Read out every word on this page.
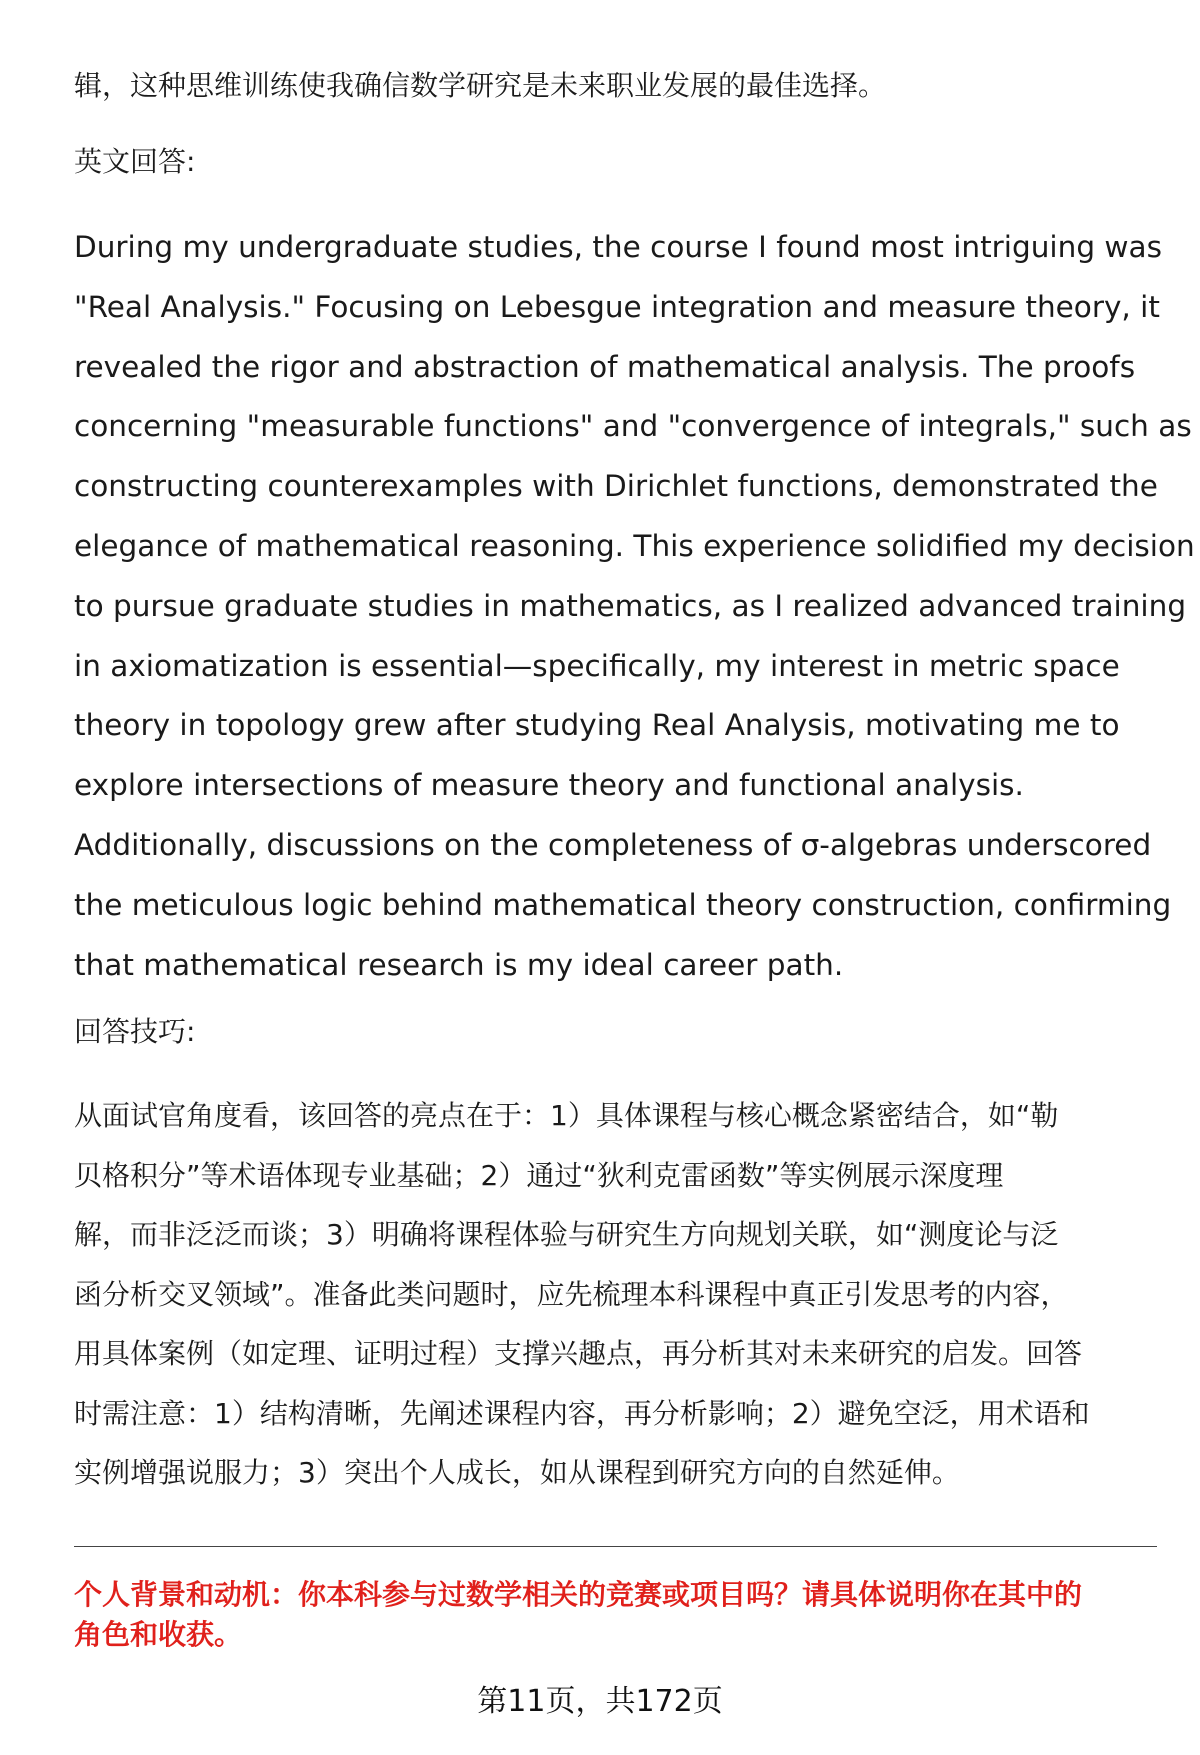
辑，这种思维训练使我确信数学研究是未来职业发展的最佳选择。
英文回答:
During my undergraduate studies, the course I found most intriguing was
"Real Analysis." Focusing on Lebesgue integration and measure theory, it
revealed the rigor and abstraction of mathematical analysis. The proofs
concerning "measurable functions" and "convergence of integrals," such as
constructing counterexamples with Dirichlet functions, demonstrated the
elegance of mathematical reasoning. This experience solidified my decision
to pursue graduate studies in mathematics, as I realized advanced training
in axiomatization is essential—specifically, my interest in metric space
theory in topology grew after studying Real Analysis, motivating me to
explore intersections of measure theory and functional analysis.
Additionally, discussions on the completeness of σ-algebras underscored
the meticulous logic behind mathematical theory construction, confirming
that mathematical research is my ideal career path.
回答技巧:
从面试官角度看，该回答的亮点在于：1）具体课程与核心概念紧密结合，如“勒
贝格积分”等术语体现专业基础；2）通过“狄利克雷函数”等实例展示深度理
解，而非泛泛而谈；3）明确将课程体验与研究生方向规划关联，如“测度论与泛
函分析交叉领域”。准备此类问题时，应先梳理本科课程中真正引发思考的内容，
用具体案例（如定理、证明过程）支撑兴趣点，再分析其对未来研究的启发。回答
时需注意：1）结构清晰，先阐述课程内容，再分析影响；2）避免空泛，用术语和
实例增强说服力；3）突出个人成长，如从课程到研究方向的自然延伸。
个人背景和动机：你本科参与过数学相关的竞赛或项目吗？请具体说明你在其中的
角色和收获。
第11页，共172页
